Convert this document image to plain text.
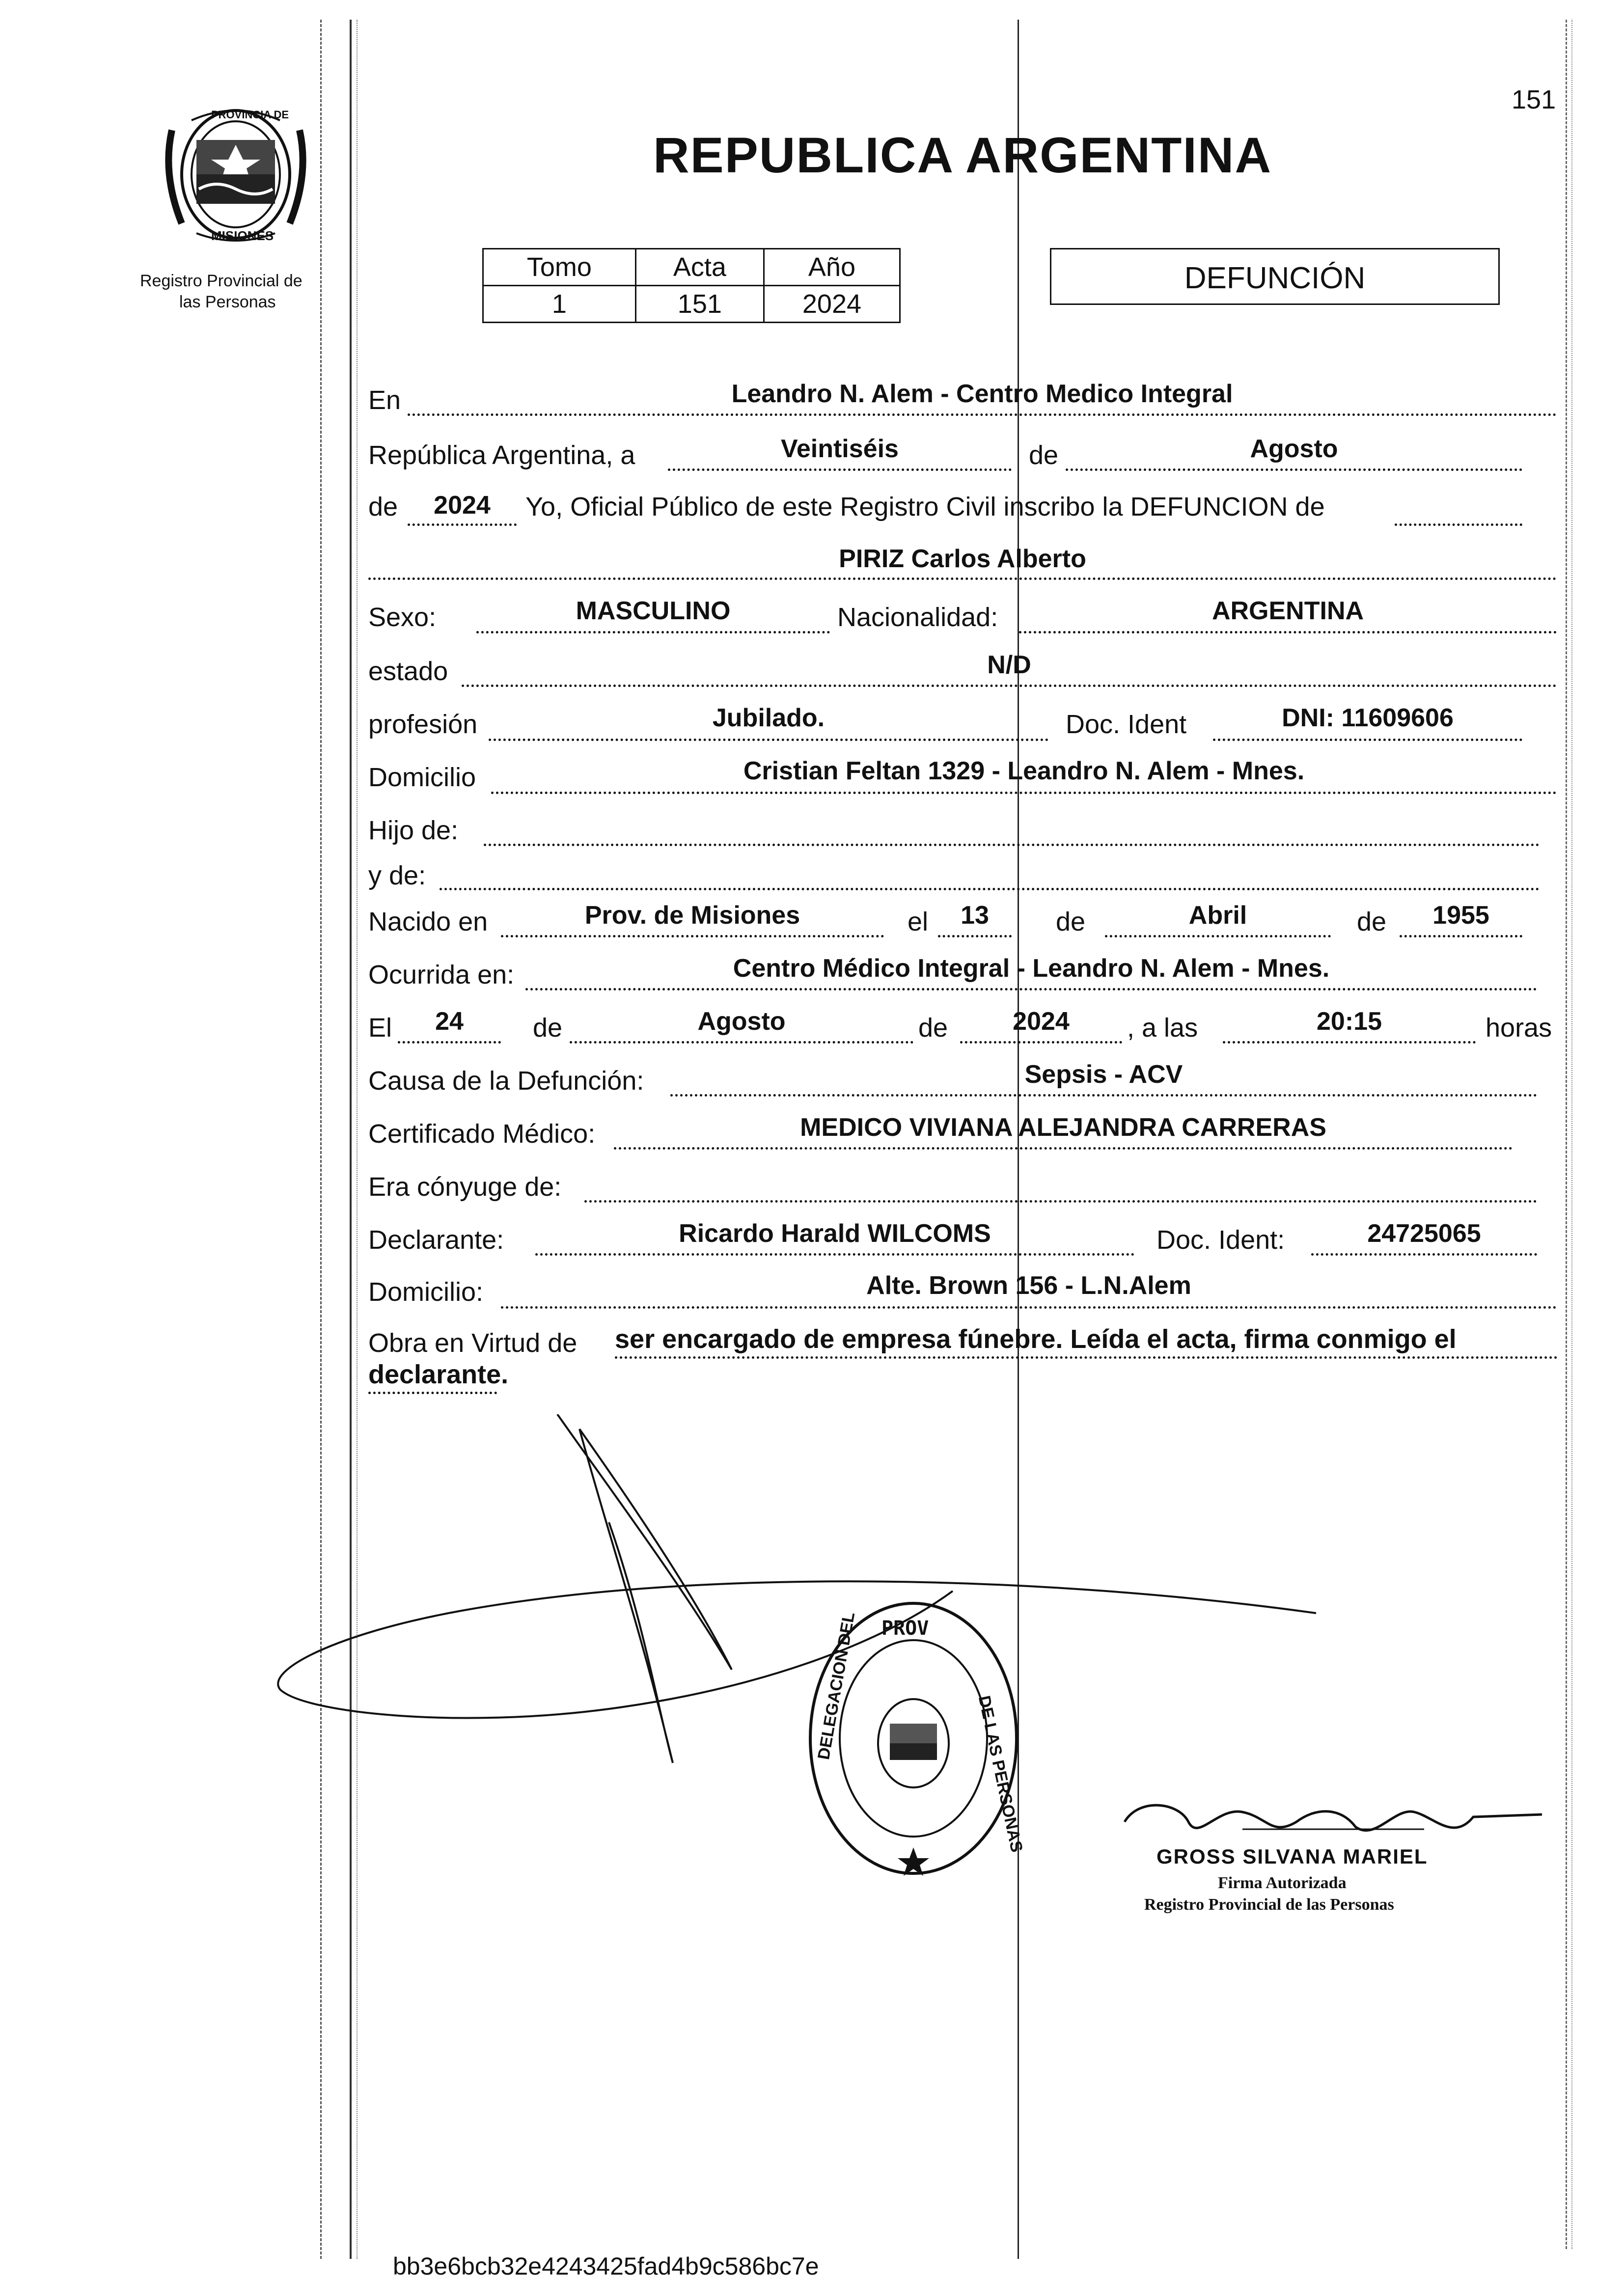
151
PROVINCIA DE
MISIONES
Registro Provincial de
las Personas
REPUBLICA ARGENTINA
Tomo	Acta	Año
1	151	2024
DEFUNCIÓN
En	Leandro N. Alem - Centro Medico Integral
República Argentina, a	Veintiséis	de	Agosto
de	2024	Yo, Oficial Público de este Registro Civil inscribo la DEFUNCION de
PIRIZ Carlos Alberto
Sexo:	MASCULINO	Nacionalidad:	ARGENTINA
estado	N/D
profesión	Jubilado.	Doc. Ident	DNI: 11609606
Domicilio	Cristian Feltan 1329 - Leandro N. Alem - Mnes.
Hijo de:
y de:
Nacido en	Prov. de Misiones	el	13	de	Abril	de	1955
Ocurrida en:	Centro Médico Integral - Leandro N. Alem - Mnes.
El	24	de	Agosto	de	2024	, a las	20:15	horas
Causa de la Defunción:	Sepsis - ACV
Certificado Médico:	MEDICO VIVIANA ALEJANDRA CARRERAS
Era cónyuge de:
Declarante:	Ricardo Harald WILCOMS	Doc. Ident:	24725065
Domicilio:	Alte. Brown 156 - L.N.Alem
Obra en Virtud de ser encargado de empresa fúnebre. Leída el acta, firma conmigo el
declarante.
PROV
DELEGACION DEL
DE LAS PERSONAS
GROSS SILVANA MARIEL
Firma Autorizada
Registro Provincial de las Personas
bb3e6bcb32e4243425fad4b9c586bc7e
